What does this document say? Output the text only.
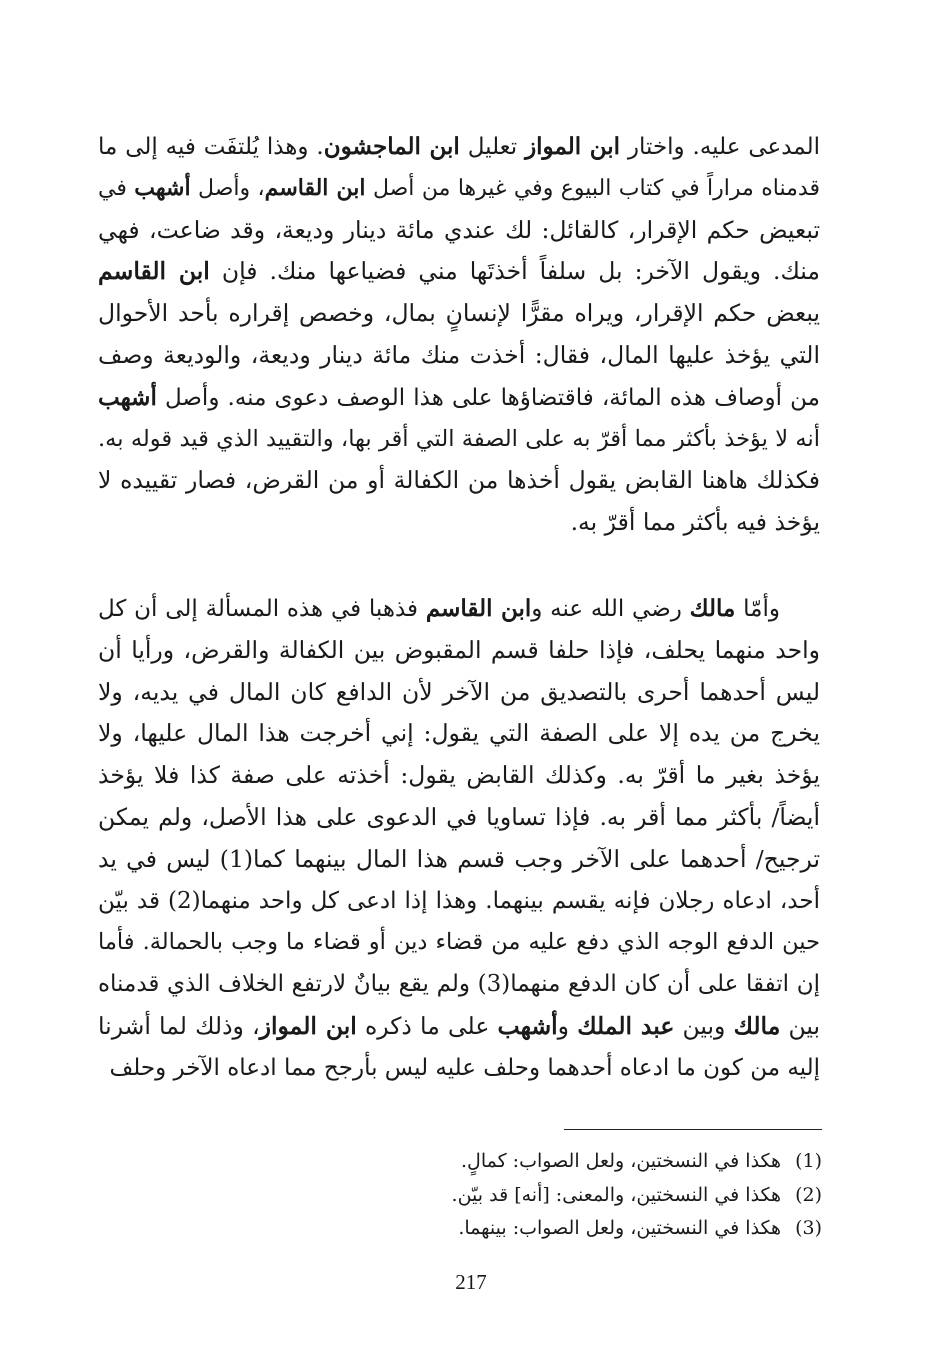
المدعى عليه. واختار ابن المواز تعليل ابن الماجشون. وهذا يُلتفَت فيه إلى ما
قدمناه مراراً في كتاب البيوع وفي غيرها من أصل ابن القاسم، وأصل أشهب في
تبعيض حكم الإقرار، كالقائل: لك عندي مائة دينار وديعة، وقد ضاعت، فهي
منك. ويقول الآخر: بل سلفاً أخذتَها مني فضياعها منك. فإن ابن القاسم
يبعض حكم الإقرار، ويراه مقرًّا لإنسانٍ بمال، وخصص إقراره بأحد الأحوال
التي يؤخذ عليها المال، فقال: أخذت منك مائة دينار وديعة، والوديعة وصف
من أوصاف هذه المائة، فاقتضاؤها على هذا الوصف دعوى منه. وأصل أشهب
أنه لا يؤخذ بأكثر مما أقرّ به على الصفة التي أقر بها، والتقييد الذي قيد قوله به.
فكذلك هاهنا القابض يقول أخذها من الكفالة أو من القرض، فصار تقييده لا
يؤخذ فيه بأكثر مما أقرّ به.
وأمّا مالك رضي الله عنه وابن القاسم فذهبا في هذه المسألة إلى أن كل
واحد منهما يحلف، فإذا حلفا قسم المقبوض بين الكفالة والقرض، ورأيا أن
ليس أحدهما أحرى بالتصديق من الآخر لأن الدافع كان المال في يديه، ولا
يخرج من يده إلا على الصفة التي يقول: إني أخرجت هذا المال عليها، ولا
يؤخذ بغير ما أقرّ به. وكذلك القابض يقول: أخذته على صفة كذا فلا يؤخذ
أيضاً/ بأكثر مما أقر به. فإذا تساويا في الدعوى على هذا الأصل، ولم يمكن
ترجيح/ أحدهما على الآخر وجب قسم هذا المال بينهما كما(1) ليس في يد
أحد، ادعاه رجلان فإنه يقسم بينهما. وهذا إذا ادعى كل واحد منهما(2) قد بيّن
حين الدفع الوجه الذي دفع عليه من قضاء دين أو قضاء ما وجب بالحمالة. فأما
إن اتفقا على أن كان الدفع منهما(3) ولم يقع بيانٌ لارتفع الخلاف الذي قدمناه
بين مالك وبين عبد الملك وأشهب على ما ذكره ابن المواز، وذلك لما أشرنا
إليه من كون ما ادعاه أحدهما وحلف عليه ليس بأرجح مما ادعاه الآخر وحلف
(1)هكذا في النسختين، ولعل الصواب: كمالٍ.
(2)هكذا في النسختين، والمعنى: [أنه] قد بيّن.
(3)هكذا في النسختين، ولعل الصواب: بينهما.
217
